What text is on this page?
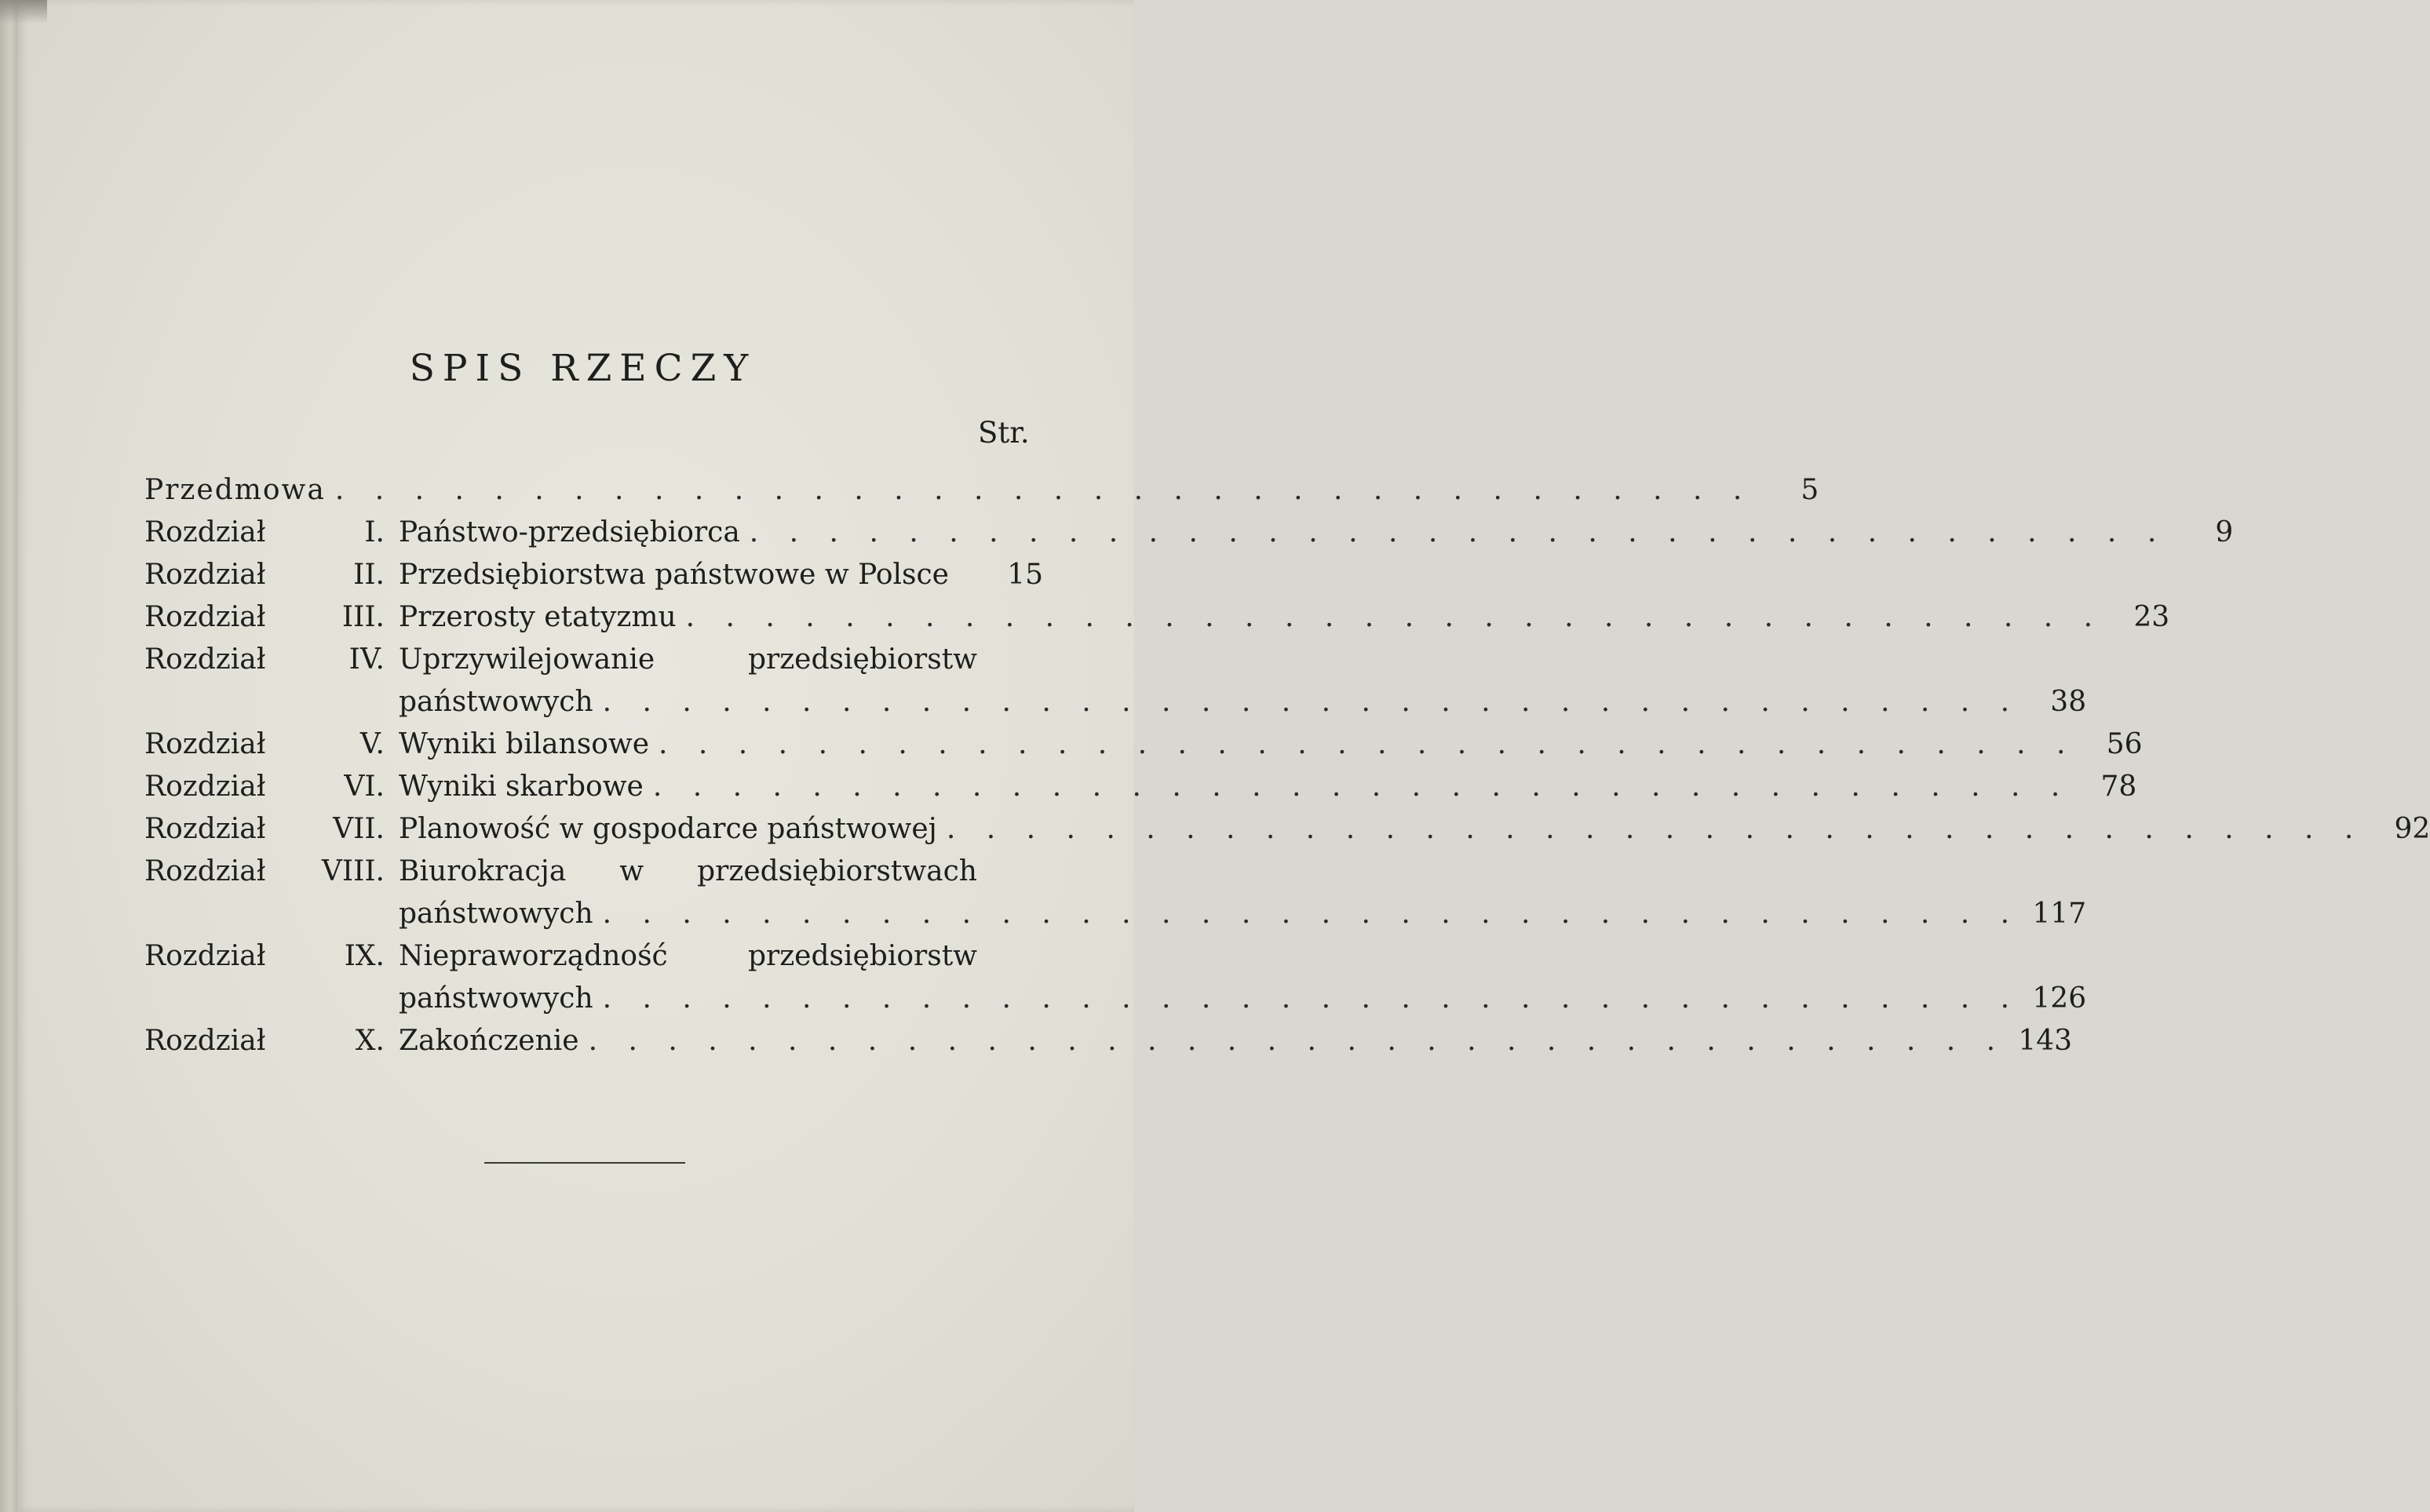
SPIS RZECZY
Str.
Przedmowa . . . . . . . . . . . . . . . . . . . . . . . . . . . . . . . . . . . .	5
Rozdział	I. Państwo-przedsiębiorca . . . . . . . . . . . . . . . . . . . . . . . . . . . . . . . . . . . .	9
Rozdział	II. Przedsiębiorstwa państwowe w Polsce	15
Rozdział	III. Przerosty etatyzmu . . . . . . . . . . . . . . . . . . . . . . . . . . . . . . . . . . . .	23
Rozdział	IV. Uprzywilejowanie	przedsiębiorstw
państwowych . . . . . . . . . . . . . . . . . . . . . . . . . . . . . . . . . . . .	38
Rozdział	V. Wyniki bilansowe . . . . . . . . . . . . . . . . . . . . . . . . . . . . . . . . . . . .	56
Rozdział	VI. Wyniki skarbowe . . . . . . . . . . . . . . . . . . . . . . . . . . . . . . . . . . . .	78
Rozdział	VII. Planowość w gospodarce państwowej . . . . . . . . . . . . . . . . . . . . . . . . . . . . . . . . . . . .	92
Rozdział	VIII. Biurokracja w przedsiębiorstwach
państwowych . . . . . . . . . . . . . . . . . . . . . . . . . . . . . . . . . . . . 117
Rozdział	IX. Niepraworządność	przedsiębiorstw
państwowych . . . . . . . . . . . . . . . . . . . . . . . . . . . . . . . . . . . . 126
Rozdział	X. Zakończenie . . . . . . . . . . . . . . . . . . . . . . . . . . . . . . . . . . . . 143
